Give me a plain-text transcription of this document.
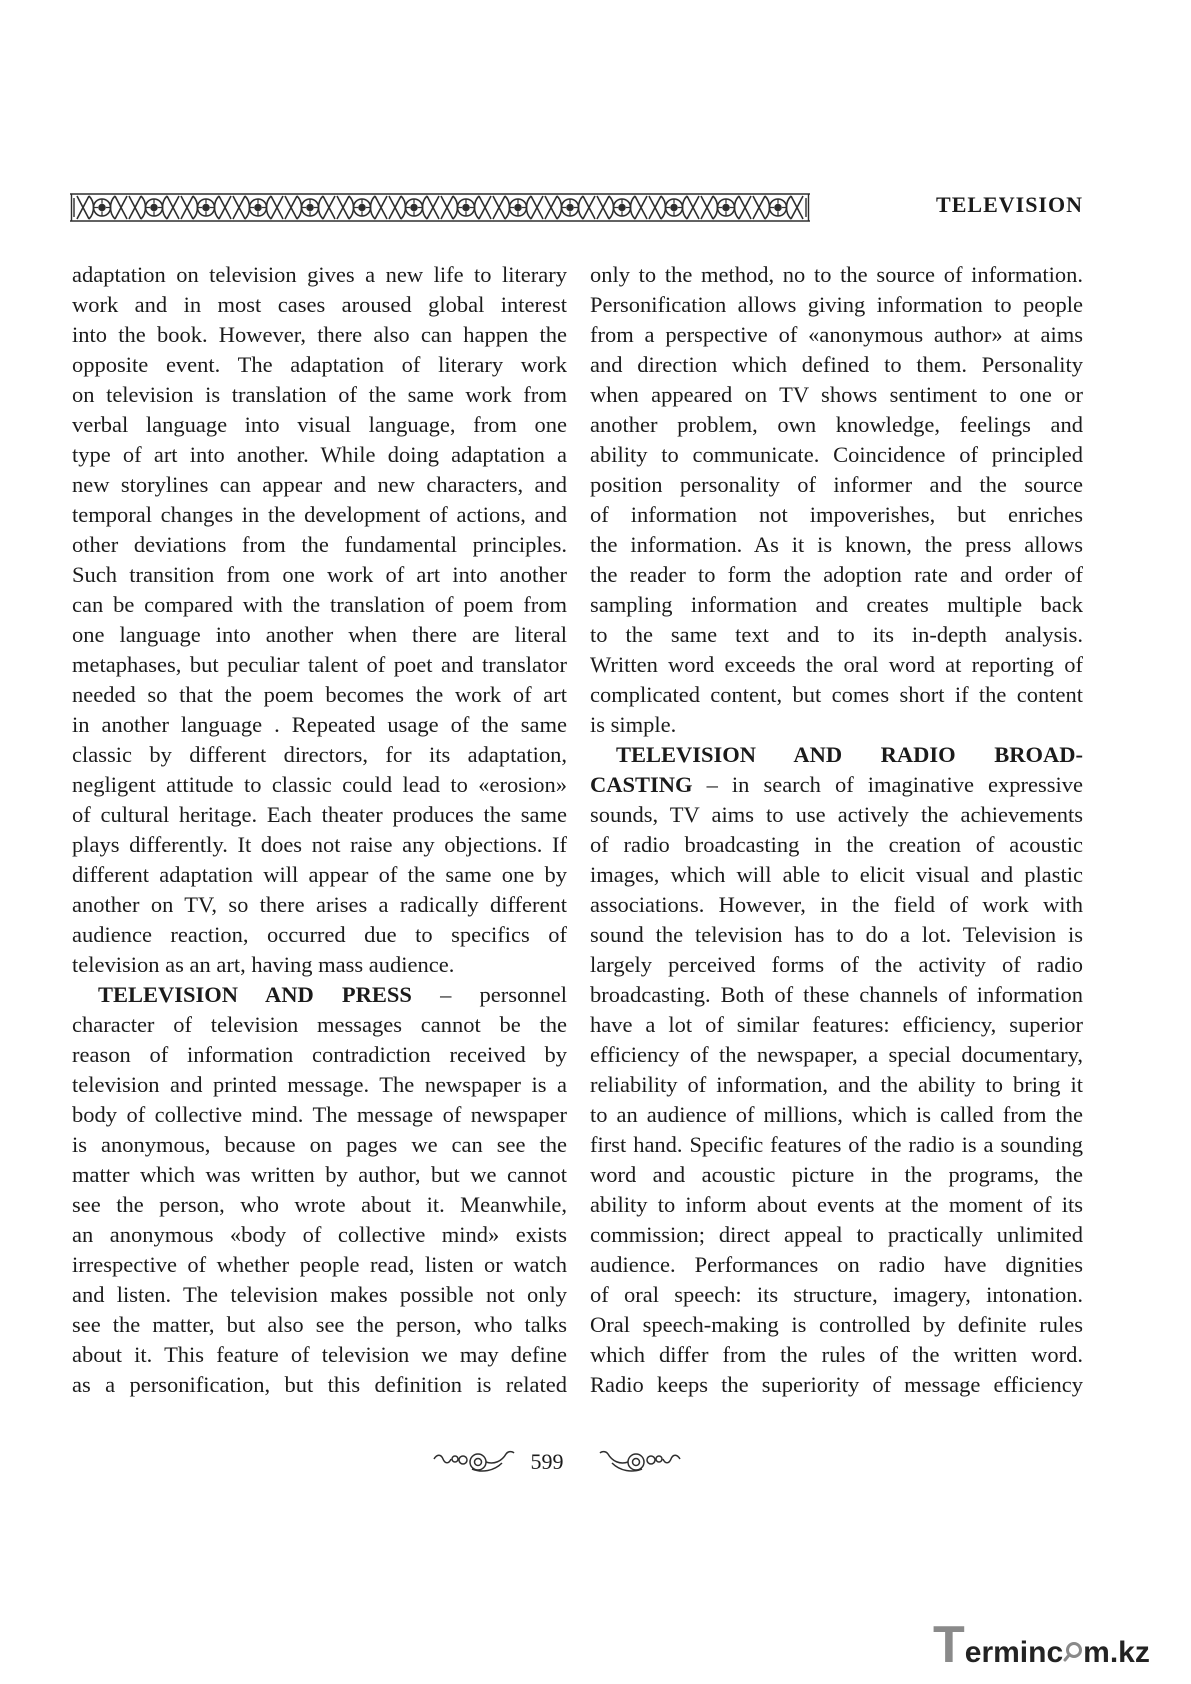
TELEVISION
adaptation on television gives a new life to literary
work and in most cases aroused global interest
into the book. However, there also can happen the
opposite event. The adaptation of literary work
on television is translation of the same work from
verbal language into visual language, from one
type of art into another. While doing adaptation a
new storylines can appear and new characters, and
temporal changes in the development of actions, and
other deviations from the fundamental principles.
Such transition from one work of art into another
can be compared with the translation of poem from
one language into another when there are literal
metaphases, but peculiar talent of poet and translator
needed so that the poem becomes the work of art
in another language . Repeated usage of the same
classic by different directors, for its adaptation,
negligent attitude to classic could lead to «erosion»
of cultural heritage. Each theater produces the same
plays differently. It does not raise any objections. If
different adaptation will appear of the same one by
another on TV, so there arises a radically different
audience reaction, occurred due to specifics of
television as an art, having mass audience.
TELEVISION AND PRESS – personnel
character of television messages cannot be the
reason of information contradiction received by
television and printed message. The newspaper is a
body of collective mind. The message of newspaper
is anonymous, because on pages we can see the
matter which was written by author, but we cannot
see the person, who wrote about it. Meanwhile,
an anonymous «body of collective mind» exists
irrespective of whether people read, listen or watch
and listen. The television makes possible not only
see the matter, but also see the person, who talks
about it. This feature of television we may define
as a personification, but this definition is related
only to the method, no to the source of information.
Personification allows giving information to people
from a perspective of «anonymous author» at aims
and direction which defined to them. Personality
when appeared on TV shows sentiment to one or
another problem, own knowledge, feelings and
ability to communicate. Coincidence of principled
position personality of informer and the source
of information not impoverishes, but enriches
the information. As it is known, the press allows
the reader to form the adoption rate and order of
sampling information and creates multiple back
to the same text and to its in-depth analysis.
Written word exceeds the oral word at reporting of
complicated content, but comes short if the content
is simple.
TELEVISION AND RADIO BROAD-
CASTING – in search of imaginative expressive
sounds, TV aims to use actively the achievements
of radio broadcasting in the creation of acoustic
images, which will able to elicit visual and plastic
associations. However, in the field of work with
sound the television has to do a lot. Television is
largely perceived forms of the activity of radio
broadcasting. Both of these channels of information
have a lot of similar features: efficiency, superior
efficiency of the newspaper, a special documentary,
reliability of information, and the ability to bring it
to an audience of millions, which is called from the
first hand. Specific features of the radio is a sounding
word and acoustic picture in the programs, the
ability to inform about events at the moment of its
commission; direct appeal to practically unlimited
audience. Performances on radio have dignities
of oral speech: its structure, imagery, intonation.
Oral speech-making is controlled by definite rules
which differ from the rules of the written word.
Radio keeps the superiority of message efficiency
599
T erminc m.kz
